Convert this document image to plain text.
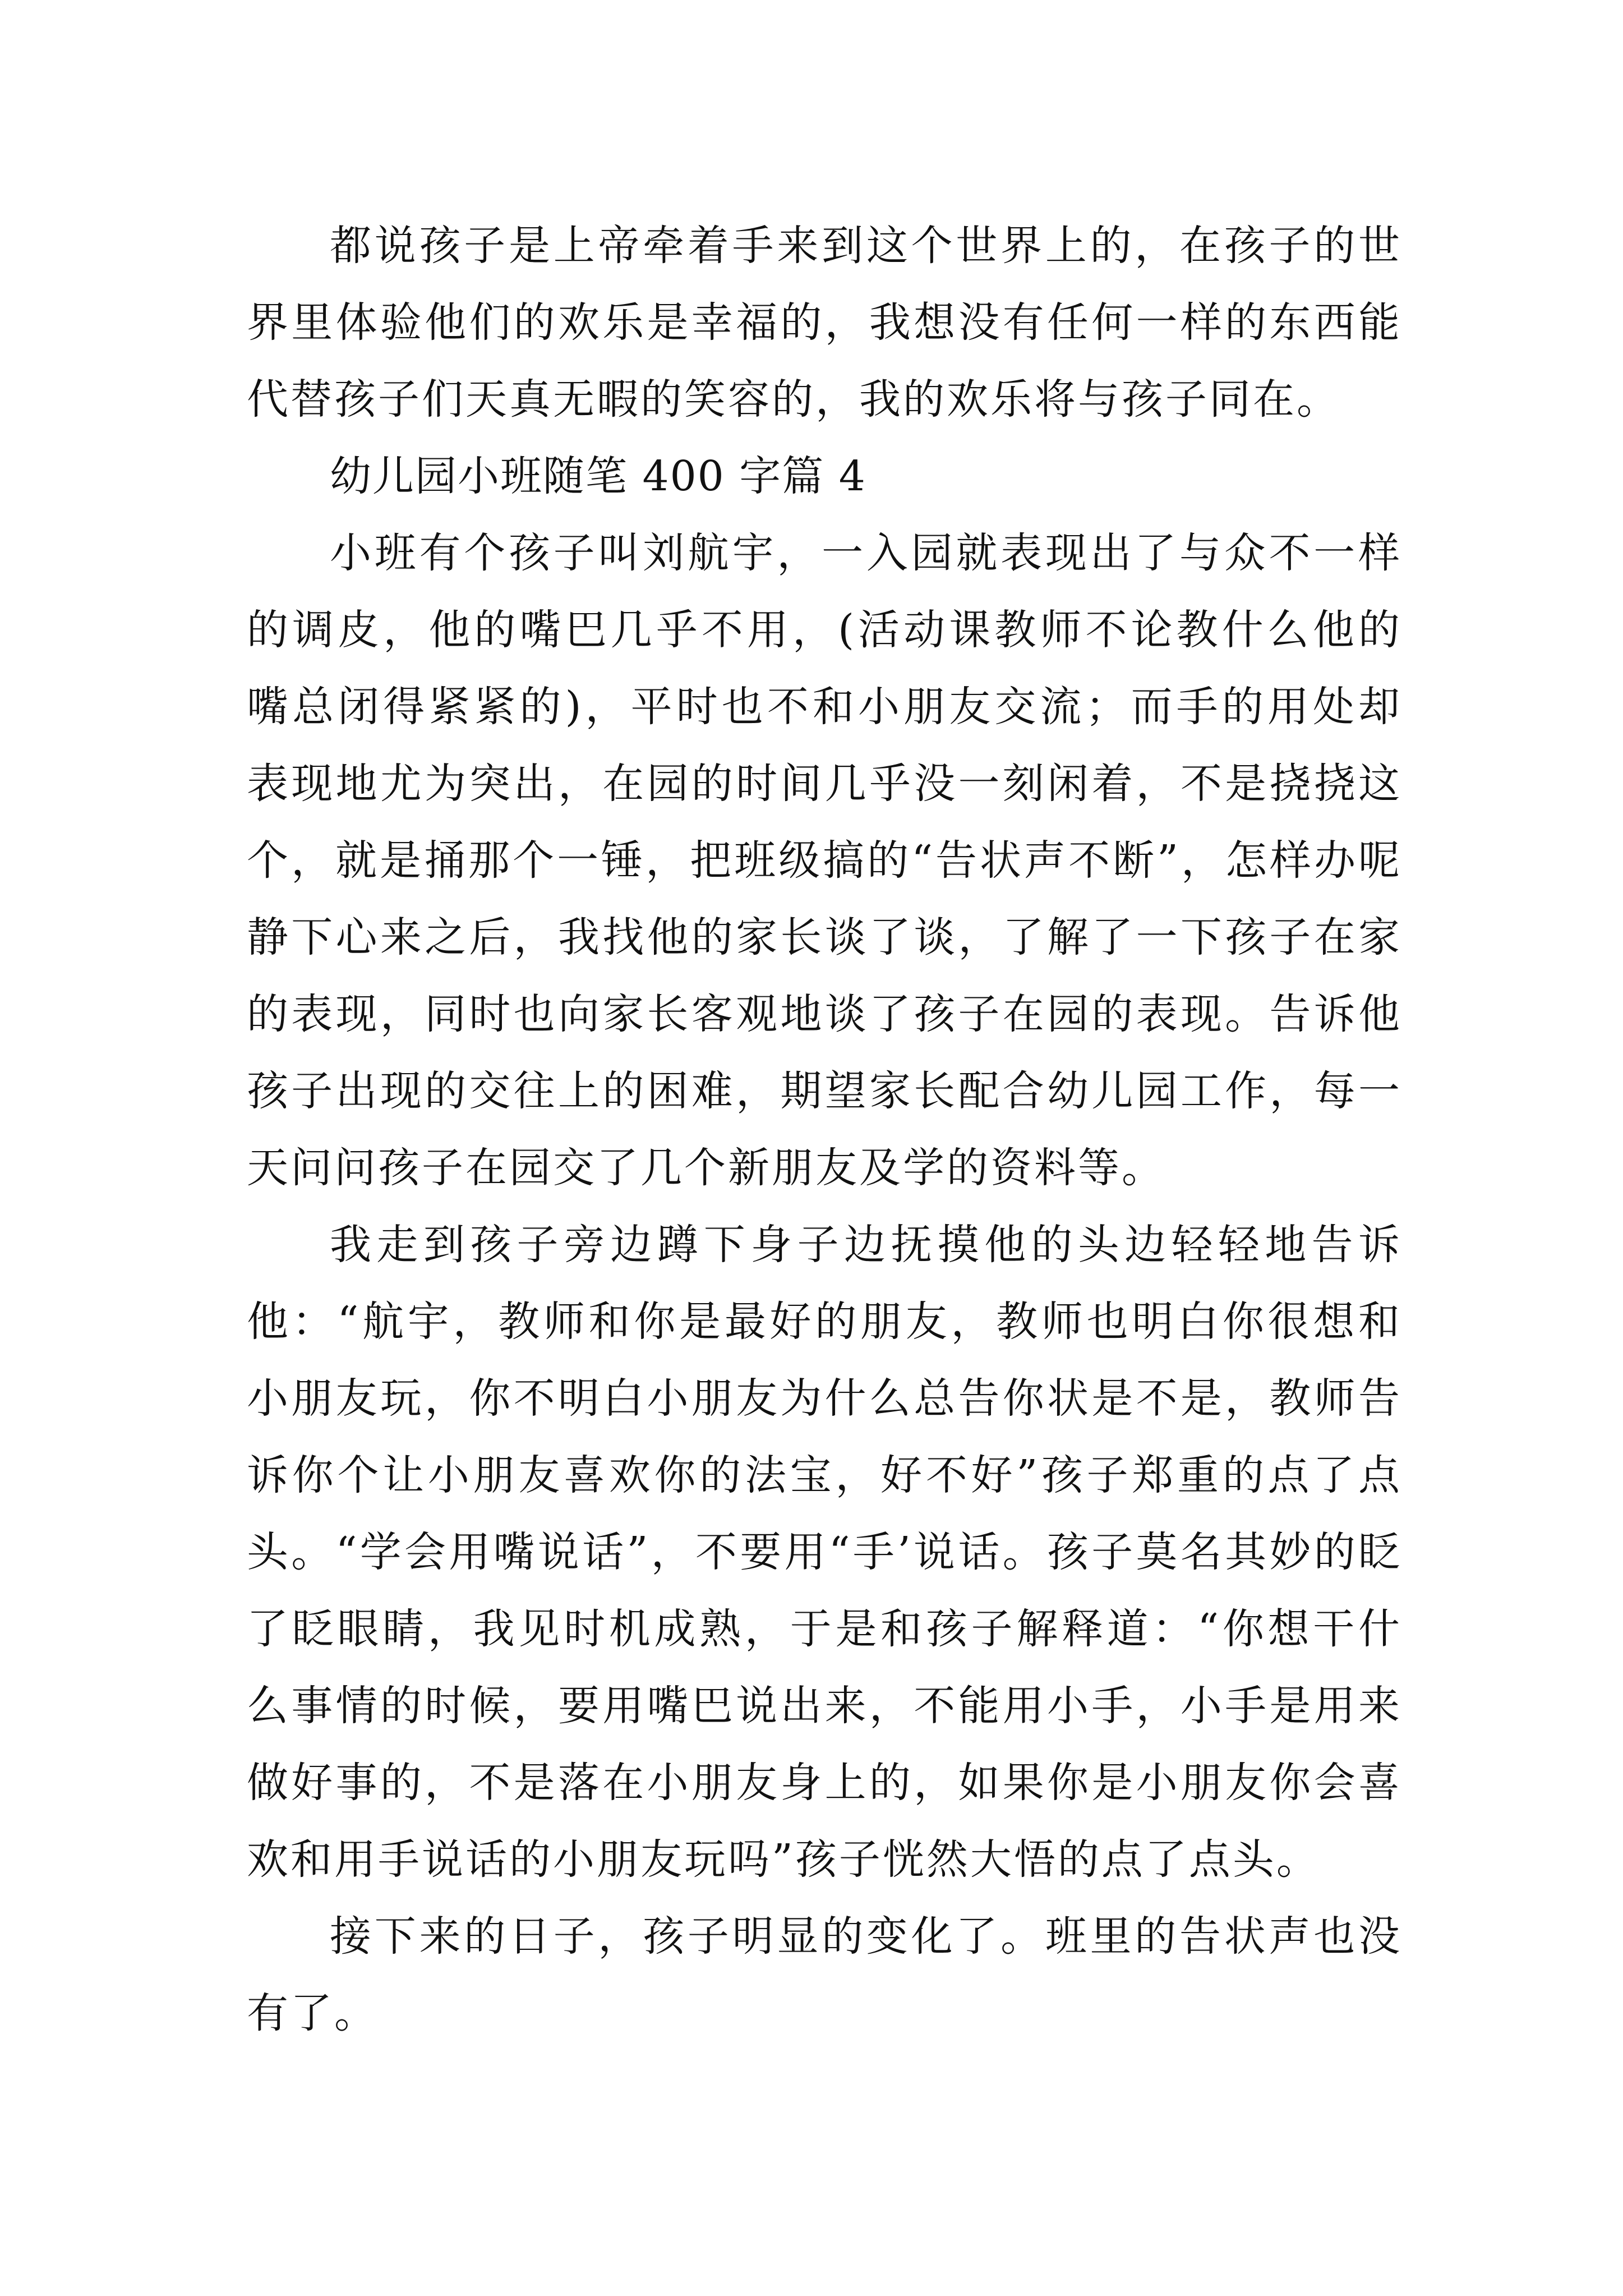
都说孩子是上帝牵着手来到这个世界上的，在孩子的世界里体验他们的欢乐是幸福的，我想没有任何一样的东西能代替孩子们天真无暇的笑容的，我的欢乐将与孩子同在。

幼儿园小班随笔 400 字篇 4

小班有个孩子叫刘航宇，一入园就表现出了与众不一样的调皮，他的嘴巴几乎不用，(活动课教师不论教什么他的嘴总闭得紧紧的)，平时也不和小朋友交流；而手的用处却表现地尤为突出，在园的时间几乎没一刻闲着，不是挠挠这个，就是捅那个一锤，把班级搞的“告状声不断”，怎样办呢静下心来之后，我找他的家长谈了谈，了解了一下孩子在家的表现，同时也向家长客观地谈了孩子在园的表现。告诉他孩子出现的交往上的困难，期望家长配合幼儿园工作，每一天问问孩子在园交了几个新朋友及学的资料等。

我走到孩子旁边蹲下身子边抚摸他的头边轻轻地告诉他：“航宇，教师和你是最好的朋友，教师也明白你很想和小朋友玩，你不明白小朋友为什么总告你状是不是，教师告诉你个让小朋友喜欢你的法宝，好不好”孩子郑重的点了点头。“学会用嘴说话”，不要用“手’说话。孩子莫名其妙的眨了眨眼睛，我见时机成熟，于是和孩子解释道：“你想干什么事情的时候，要用嘴巴说出来，不能用小手，小手是用来做好事的，不是落在小朋友身上的，如果你是小朋友你会喜欢和用手说话的小朋友玩吗”孩子恍然大悟的点了点头。

接下来的日子，孩子明显的变化了。班里的告状声也没有了。
